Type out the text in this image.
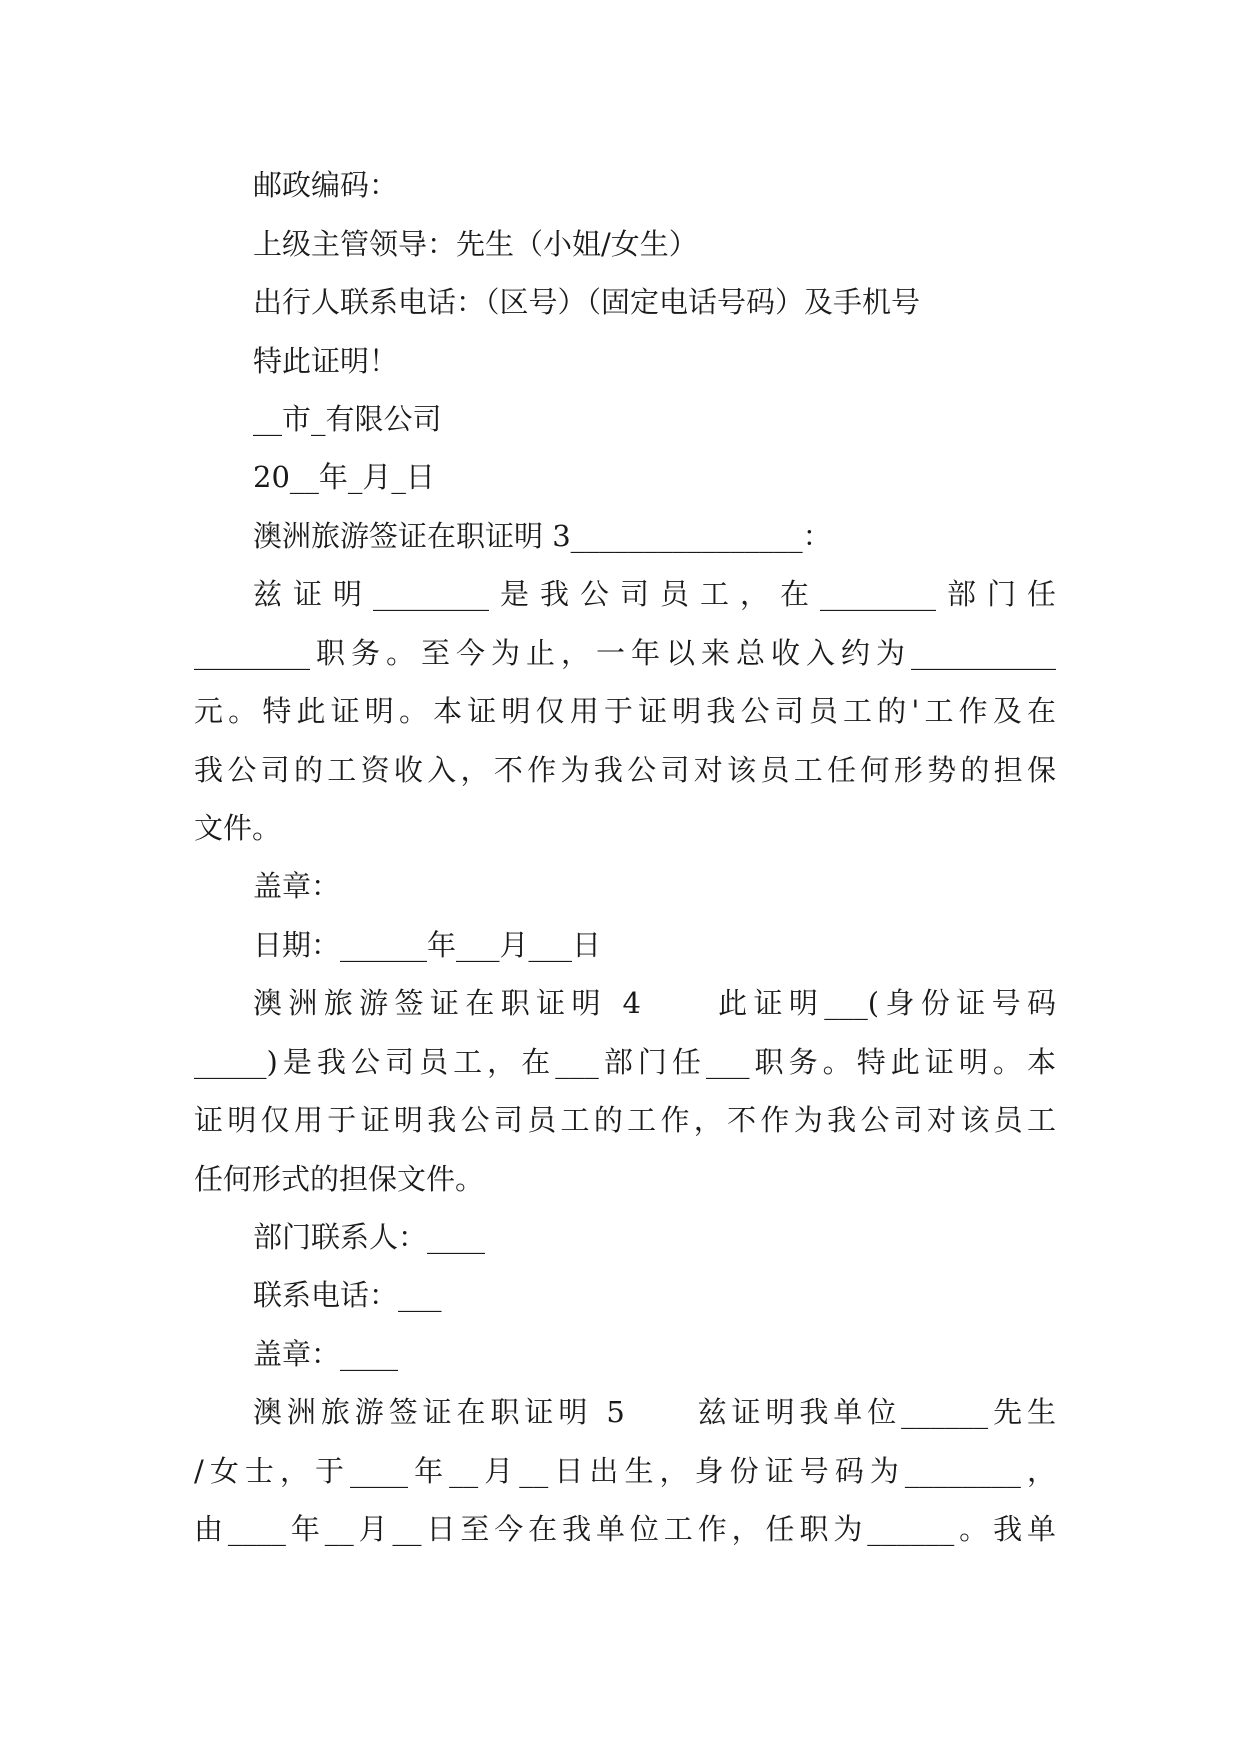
邮政编码：
上级主管领导：先生（小姐/女生）
出行人联系电话：（区号）（固定电话号码）及手机号
特此证明！
__市_有限公司
20__年_月_日
澳洲旅游签证在职证明 3________________：
兹证明________是我公司员工，在________部门任
________职务。至今为止，一年以来总收入约为__________
元。特此证明。本证明仅用于证明我公司员工的'工作及在
我公司的工资收入，不作为我公司对该员工任何形势的担保
文件。
盖章：
日期：______年___月___日
澳洲旅游签证在职证明 4　　此证明___(身份证号码
_____)是我公司员工，在___部门任___职务。特此证明。本
证明仅用于证明我公司员工的工作，不作为我公司对该员工
任何形式的担保文件。
部门联系人：____
联系电话：___
盖章：____
澳洲旅游签证在职证明 5　　兹证明我单位______先生
/女士，于____年__月__日出生，身份证号码为________，
由____年__月__日至今在我单位工作，任职为______。我单
